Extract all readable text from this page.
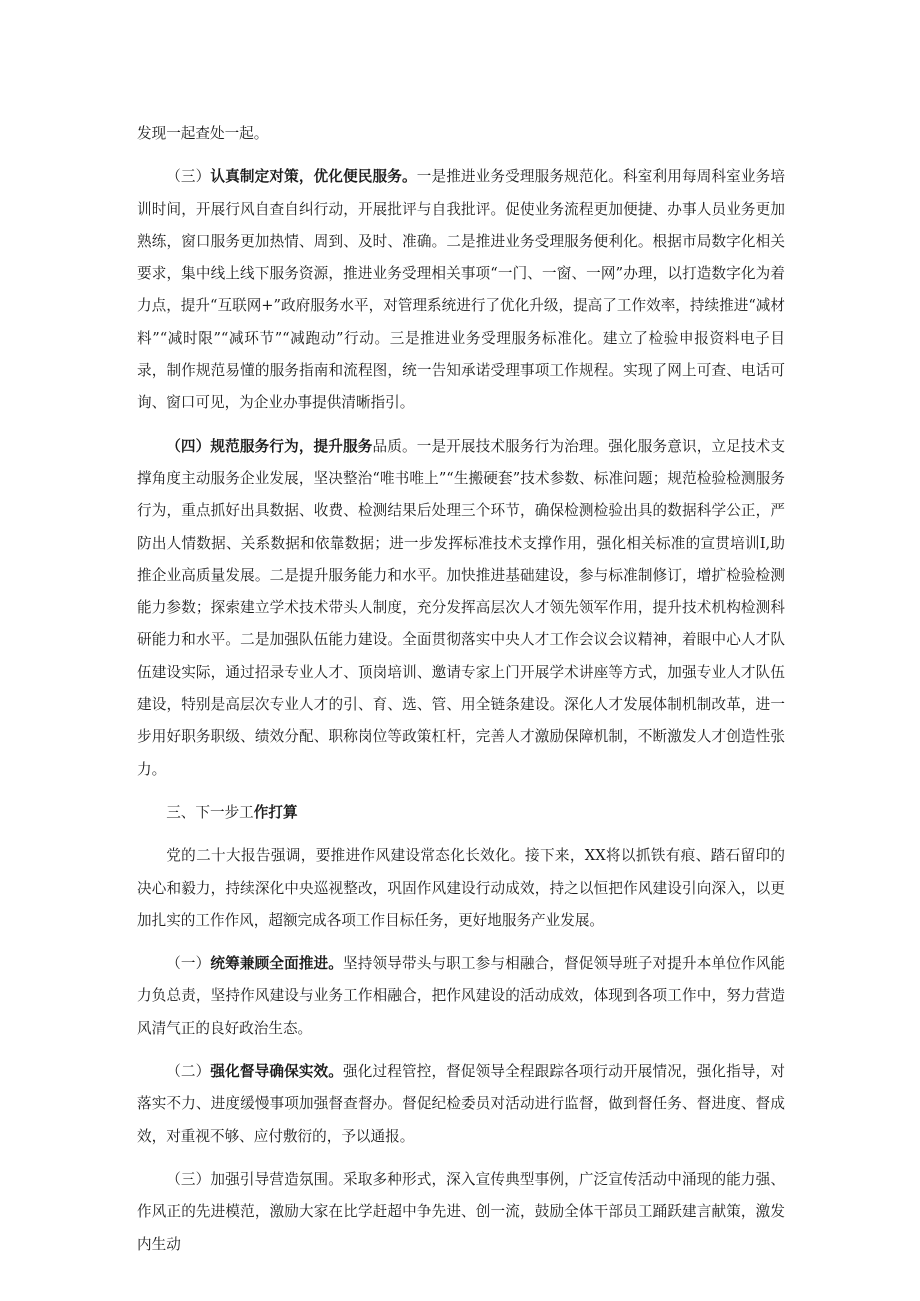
发现一起查处一起。

（三）认真制定对策，优化便民服务。一是推进业务受理服务规范化。科室利用每周科室业务培训时间，开展行风自查自纠行动，开展批评与自我批评。促使业务流程更加便捷、办事人员业务更加熟练，窗口服务更加热情、周到、及时、准确。二是推进业务受理服务便利化。根据市局数字化相关要求，集中线上线下服务资源，推进业务受理相关事项“一门、一窗、一网”办理，以打造数字化为着力点，提升“互联网+”政府服务水平，对管理系统进行了优化升级，提高了工作效率，持续推进“减材料”“减时限”“减环节”“减跑动”行动。三是推进业务受理服务标准化。建立了检验申报资料电子目录，制作规范易懂的服务指南和流程图，统一告知承诺受理事项工作规程。实现了网上可查、电话可询、窗口可见，为企业办事提供清晰指引。

（四）规范服务行为，提升服务品质。一是开展技术服务行为治理。强化服务意识，立足技术支撑角度主动服务企业发展，坚决整治“唯书唯上”“生搬硬套”技术参数、标准问题；规范检验检测服务行为，重点抓好出具数据、收费、检测结果后处理三个环节，确保检测检验出具的数据科学公正，严防出人情数据、关系数据和依靠数据；进一步发挥标准技术支撑作用，强化相关标准的宣贯培训I,助推企业高质量发展。二是提升服务能力和水平。加快推进基础建设，参与标准制修订，增扩检验检测能力参数；探索建立学术技术带头人制度，充分发挥高层次人才领先领军作用，提升技术机构检测科研能力和水平。二是加强队伍能力建设。全面贯彻落实中央人才工作会议会议精神，着眼中心人才队伍建设实际，通过招录专业人才、顶岗培训、邀请专家上门开展学术讲座等方式，加强专业人才队伍建设，特别是高层次专业人才的引、育、选、管、用全链条建设。深化人才发展体制机制改革，进一步用好职务职级、绩效分配、职称岗位等政策杠杆，完善人才激励保障机制，不断激发人才创造性张力。

三、下一步工作打算

党的二十大报告强调，要推进作风建设常态化长效化。接下来，XX将以抓铁有痕、踏石留印的决心和毅力，持续深化中央巡视整改，巩固作风建设行动成效，持之以恒把作风建设引向深入，以更加扎实的工作作风，超额完成各项工作目标任务，更好地服务产业发展。

（一）统筹兼顾全面推进。坚持领导带头与职工参与相融合，督促领导班子对提升本单位作风能力负总责，坚持作风建设与业务工作相融合，把作风建设的活动成效，体现到各项工作中，努力营造风清气正的良好政治生态。

（二）强化督导确保实效。强化过程管控，督促领导全程跟踪各项行动开展情况，强化指导，对落实不力、进度缓慢事项加强督查督办。督促纪检委员对活动进行监督，做到督任务、督进度、督成效，对重视不够、应付敷衍的，予以通报。

（三）加强引导营造氛围。采取多种形式，深入宣传典型事例，广泛宣传活动中涌现的能力强、作风正的先进模范，激励大家在比学赶超中争先进、创一流，鼓励全体干部员工踊跃建言献策，激发内生动
